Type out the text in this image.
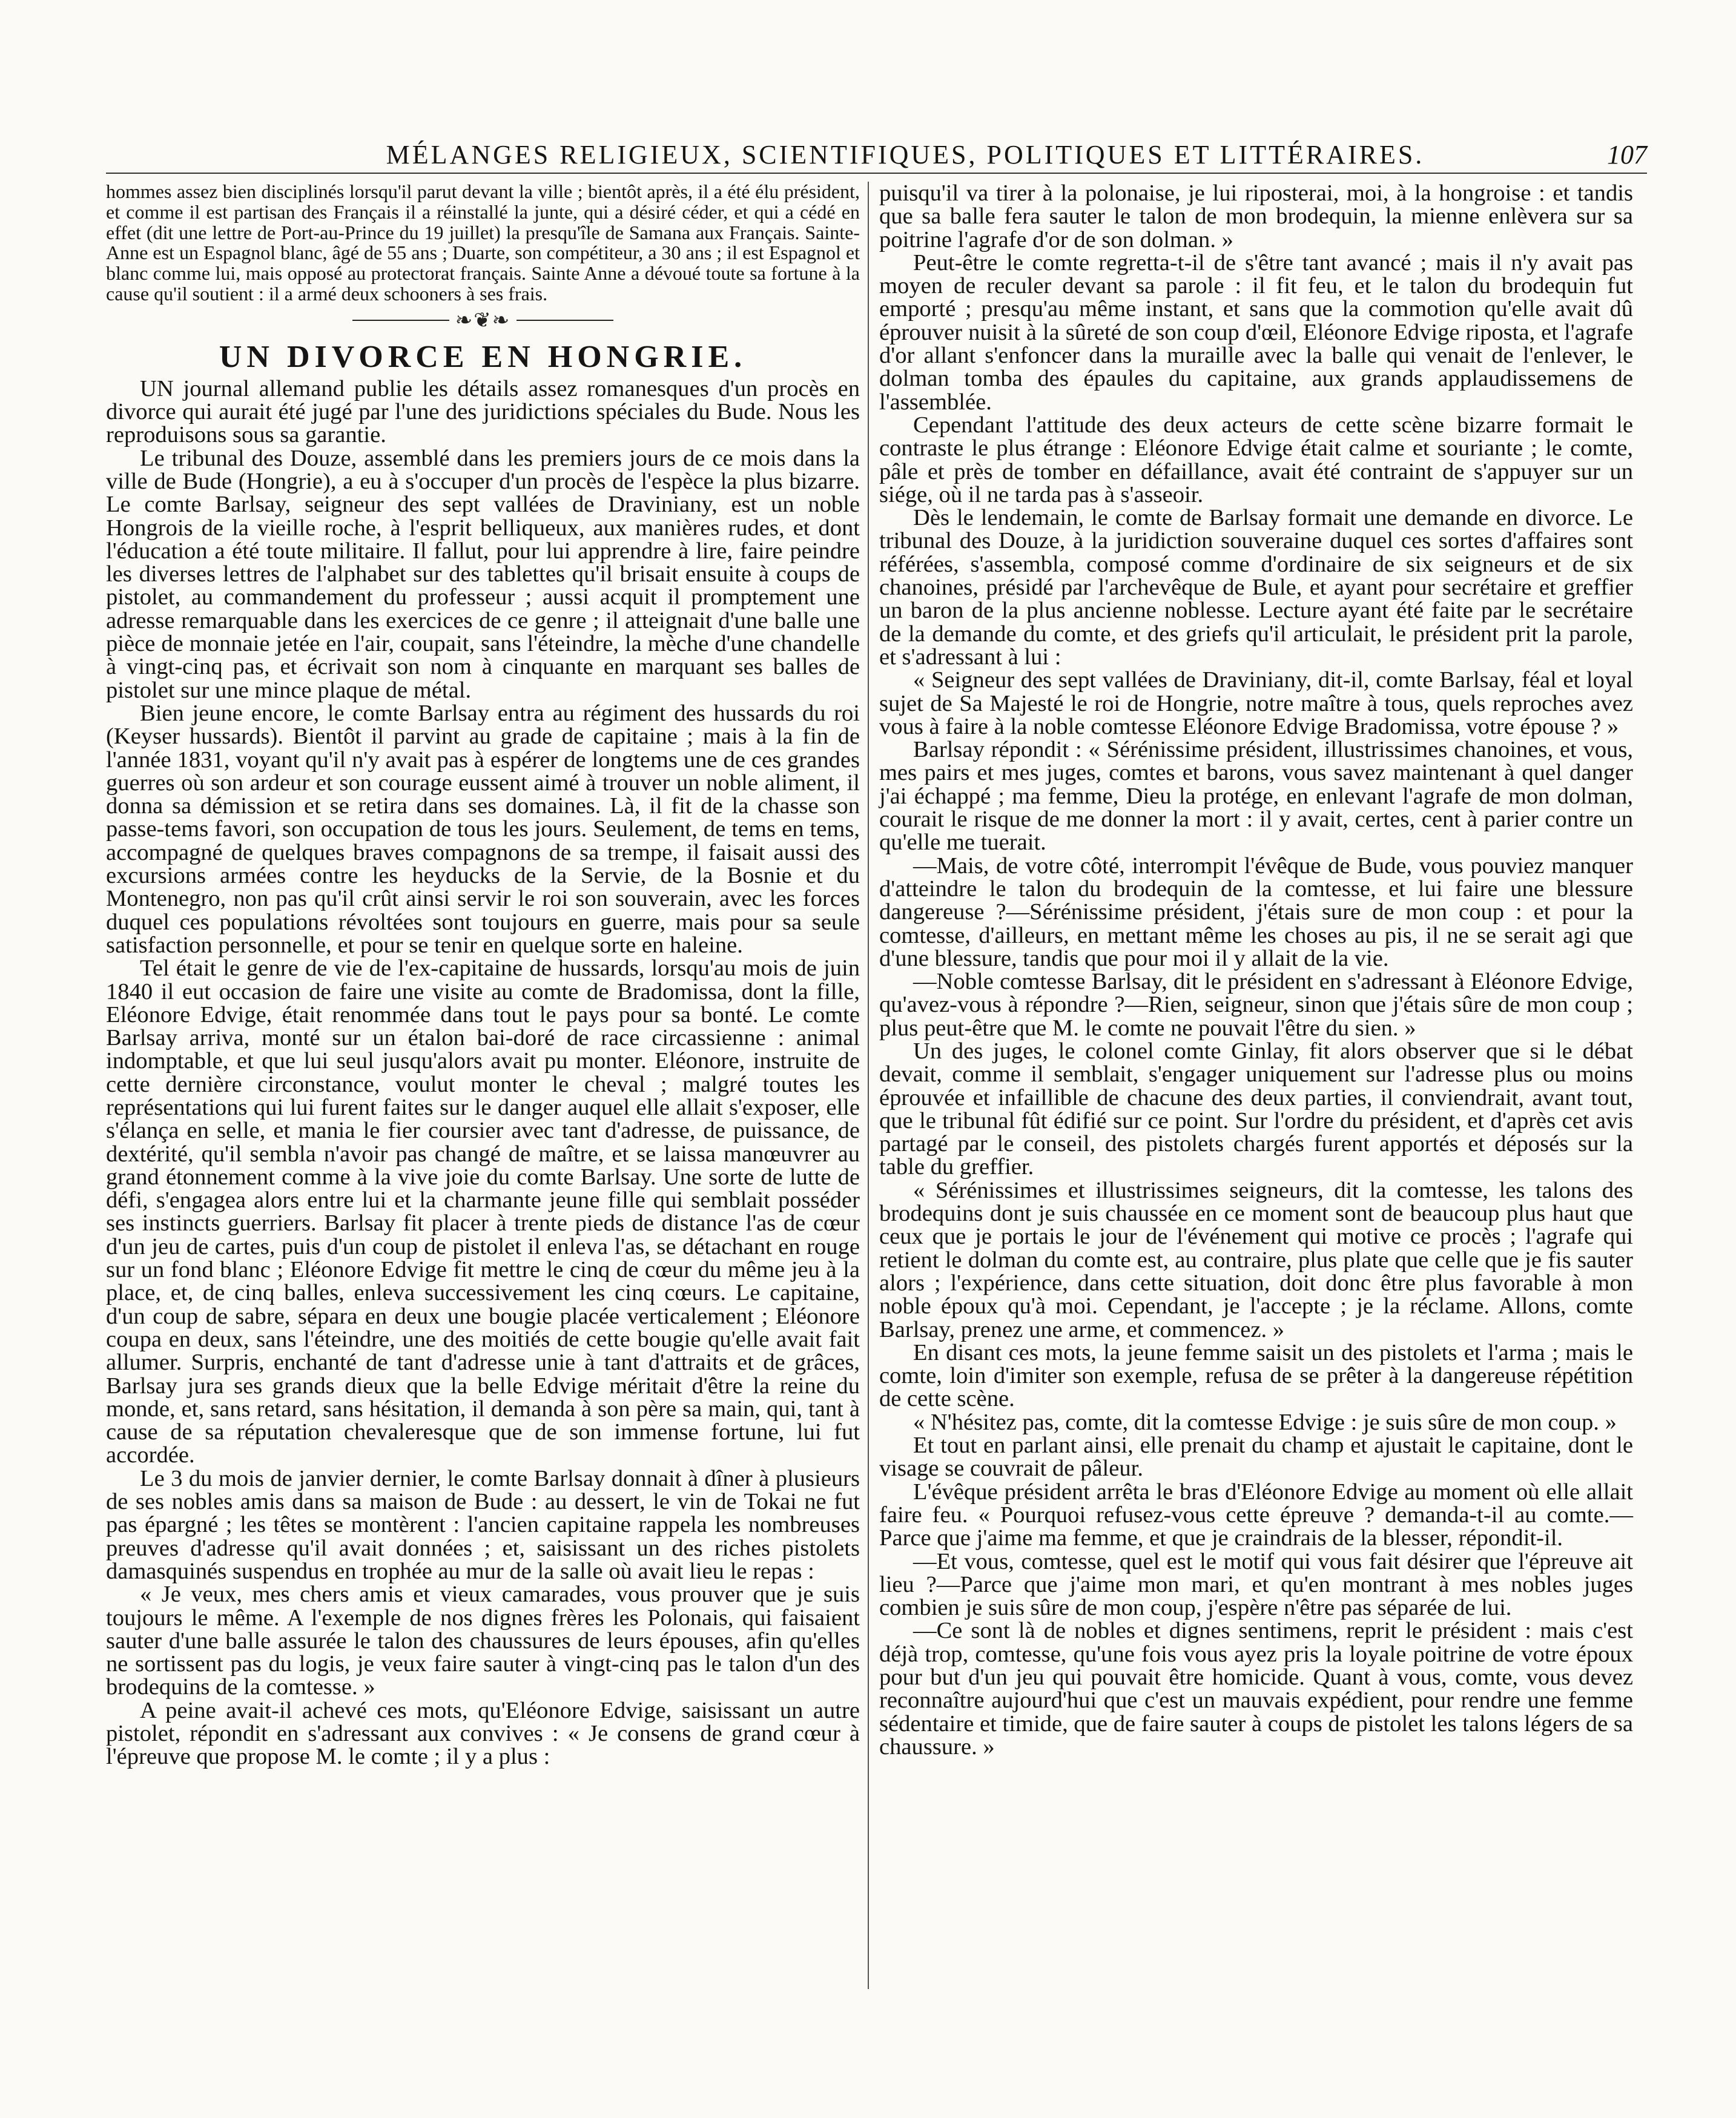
MÉLANGES RELIGIEUX, SCIENTIFIQUES, POLITIQUES ET LITTÉRAIRES.	107

hommes assez bien disciplinés lorsqu'il parut devant la ville ; bientôt après, il a été élu président, et comme il est partisan des Français il a réinstallé la junte, qui a désiré céder, et qui a cédé en effet (dit une lettre de Port-au-Prince du 19 juillet) la presqu'île de Samana aux Français. Sainte-Anne est un Espagnol blanc, âgé de 55 ans ; Duarte, son compétiteur, a 30 ans ; il est Espagnol et blanc comme lui, mais opposé au protectorat français. Sainte Anne a dévoué toute sa fortune à la cause qu'il soutient : il a armé deux schooners à ses frais.

❧❦❧
UN DIVORCE EN HONGRIE.

UN journal allemand publie les détails assez romanesques d'un procès en divorce qui aurait été jugé par l'une des juridictions spéciales du Bude. Nous les reproduisons sous sa garantie.

Le tribunal des Douze, assemblé dans les premiers jours de ce mois dans la ville de Bude (Hongrie), a eu à s'occuper d'un procès de l'espèce la plus bizarre. Le comte Barlsay, seigneur des sept vallées de Draviniany, est un noble Hongrois de la vieille roche, à l'esprit belliqueux, aux manières rudes, et dont l'éducation a été toute militaire. Il fallut, pour lui apprendre à lire, faire peindre les diverses lettres de l'alphabet sur des tablettes qu'il brisait ensuite à coups de pistolet, au commandement du professeur ; aussi acquit il promptement une adresse remarquable dans les exercices de ce genre ; il atteignait d'une balle une pièce de monnaie jetée en l'air, coupait, sans l'éteindre, la mèche d'une chandelle à vingt-cinq pas, et écrivait son nom à cinquante en marquant ses balles de pistolet sur une mince plaque de métal.

Bien jeune encore, le comte Barlsay entra au régiment des hussards du roi (Keyser hussards). Bientôt il parvint au grade de capitaine ; mais à la fin de l'année 1831, voyant qu'il n'y avait pas à espérer de longtems une de ces grandes guerres où son ardeur et son courage eussent aimé à trouver un noble aliment, il donna sa démission et se retira dans ses domaines. Là, il fit de la chasse son passe-tems favori, son occupation de tous les jours. Seulement, de tems en tems, accompagné de quelques braves compagnons de sa trempe, il faisait aussi des excursions armées contre les heyducks de la Servie, de la Bosnie et du Montenegro, non pas qu'il crût ainsi servir le roi son souverain, avec les forces duquel ces populations révoltées sont toujours en guerre, mais pour sa seule satisfaction personnelle, et pour se tenir en quelque sorte en haleine.

Tel était le genre de vie de l'ex-capitaine de hussards, lorsqu'au mois de juin 1840 il eut occasion de faire une visite au comte de Bradomissa, dont la fille, Eléonore Edvige, était renommée dans tout le pays pour sa bonté. Le comte Barlsay arriva, monté sur un étalon bai-doré de race circassienne : animal indomptable, et que lui seul jusqu'alors avait pu monter. Eléonore, instruite de cette dernière circonstance, voulut monter le cheval ; malgré toutes les représentations qui lui furent faites sur le danger auquel elle allait s'exposer, elle s'élança en selle, et mania le fier coursier avec tant d'adresse, de puissance, de dextérité, qu'il sembla n'avoir pas changé de maître, et se laissa manœuvrer au grand étonnement comme à la vive joie du comte Barlsay. Une sorte de lutte de défi, s'engagea alors entre lui et la charmante jeune fille qui semblait posséder ses instincts guerriers. Barlsay fit placer à trente pieds de distance l'as de cœur d'un jeu de cartes, puis d'un coup de pistolet il enleva l'as, se détachant en rouge sur un fond blanc ; Eléonore Edvige fit mettre le cinq de cœur du même jeu à la place, et, de cinq balles, enleva successivement les cinq cœurs. Le capitaine, d'un coup de sabre, sépara en deux une bougie placée verticalement ; Eléonore coupa en deux, sans l'éteindre, une des moitiés de cette bougie qu'elle avait fait allumer. Surpris, enchanté de tant d'adresse unie à tant d'attraits et de grâces, Barlsay jura ses grands dieux que la belle Edvige méritait d'être la reine du monde, et, sans retard, sans hésitation, il demanda à son père sa main, qui, tant à cause de sa réputation chevaleresque que de son immense fortune, lui fut accordée.

Le 3 du mois de janvier dernier, le comte Barlsay donnait à dîner à plusieurs de ses nobles amis dans sa maison de Bude : au dessert, le vin de Tokai ne fut pas épargné ; les têtes se montèrent : l'ancien capitaine rappela les nombreuses preuves d'adresse qu'il avait données ; et, saisissant un des riches pistolets damasquinés suspendus en trophée au mur de la salle où avait lieu le repas :

« Je veux, mes chers amis et vieux camarades, vous prouver que je suis toujours le même. A l'exemple de nos dignes frères les Polonais, qui faisaient sauter d'une balle assurée le talon des chaussures de leurs épouses, afin qu'elles ne sortissent pas du logis, je veux faire sauter à vingt-cinq pas le talon d'un des brodequins de la comtesse. »

A peine avait-il achevé ces mots, qu'Eléonore Edvige, saisissant un autre pistolet, répondit en s'adressant aux convives : « Je consens de grand cœur à l'épreuve que propose M. le comte ; il y a plus :

puisqu'il va tirer à la polonaise, je lui riposterai, moi, à la hongroise : et tandis que sa balle fera sauter le talon de mon brodequin, la mienne enlèvera sur sa poitrine l'agrafe d'or de son dolman. »

Peut-être le comte regretta-t-il de s'être tant avancé ; mais il n'y avait pas moyen de reculer devant sa parole : il fit feu, et le talon du brodequin fut emporté ; presqu'au même instant, et sans que la commotion qu'elle avait dû éprouver nuisit à la sûreté de son coup d'œil, Eléonore Edvige riposta, et l'agrafe d'or allant s'enfoncer dans la muraille avec la balle qui venait de l'enlever, le dolman tomba des épaules du capitaine, aux grands applaudissemens de l'assemblée.

Cependant l'attitude des deux acteurs de cette scène bizarre formait le contraste le plus étrange : Eléonore Edvige était calme et souriante ; le comte, pâle et près de tomber en défaillance, avait été contraint de s'appuyer sur un siége, où il ne tarda pas à s'asseoir.

Dès le lendemain, le comte de Barlsay formait une demande en divorce. Le tribunal des Douze, à la juridiction souveraine duquel ces sortes d'affaires sont référées, s'assembla, composé comme d'ordinaire de six seigneurs et de six chanoines, présidé par l'archevêque de Bule, et ayant pour secrétaire et greffier un baron de la plus ancienne noblesse. Lecture ayant été faite par le secrétaire de la demande du comte, et des griefs qu'il articulait, le président prit la parole, et s'adressant à lui :

« Seigneur des sept vallées de Draviniany, dit-il, comte Barlsay, féal et loyal sujet de Sa Majesté le roi de Hongrie, notre maître à tous, quels reproches avez vous à faire à la noble comtesse Eléonore Edvige Bradomissa, votre épouse ? »

Barlsay répondit : « Sérénissime président, illustrissimes chanoines, et vous, mes pairs et mes juges, comtes et barons, vous savez maintenant à quel danger j'ai échappé ; ma femme, Dieu la protége, en enlevant l'agrafe de mon dolman, courait le risque de me donner la mort : il y avait, certes, cent à parier contre un qu'elle me tuerait.

—Mais, de votre côté, interrompit l'évêque de Bude, vous pouviez manquer d'atteindre le talon du brodequin de la comtesse, et lui faire une blessure dangereuse ?—Sérénissime président, j'étais sure de mon coup : et pour la comtesse, d'ailleurs, en mettant même les choses au pis, il ne se serait agi que d'une blessure, tandis que pour moi il y allait de la vie.

—Noble comtesse Barlsay, dit le président en s'adressant à Eléonore Edvige, qu'avez-vous à répondre ?—Rien, seigneur, sinon que j'étais sûre de mon coup ; plus peut-être que M. le comte ne pouvait l'être du sien. »

Un des juges, le colonel comte Ginlay, fit alors observer que si le débat devait, comme il semblait, s'engager uniquement sur l'adresse plus ou moins éprouvée et infaillible de chacune des deux parties, il conviendrait, avant tout, que le tribunal fût édifié sur ce point. Sur l'ordre du président, et d'après cet avis partagé par le conseil, des pistolets chargés furent apportés et déposés sur la table du greffier.

« Sérénissimes et illustrissimes seigneurs, dit la comtesse, les talons des brodequins dont je suis chaussée en ce moment sont de beaucoup plus haut que ceux que je portais le jour de l'événement qui motive ce procès ; l'agrafe qui retient le dolman du comte est, au contraire, plus plate que celle que je fis sauter alors ; l'expérience, dans cette situation, doit donc être plus favorable à mon noble époux qu'à moi. Cependant, je l'accepte ; je la réclame. Allons, comte Barlsay, prenez une arme, et commencez. »

En disant ces mots, la jeune femme saisit un des pistolets et l'arma ; mais le comte, loin d'imiter son exemple, refusa de se prêter à la dangereuse répétition de cette scène.

« N'hésitez pas, comte, dit la comtesse Edvige : je suis sûre de mon coup. »

Et tout en parlant ainsi, elle prenait du champ et ajustait le capitaine, dont le visage se couvrait de pâleur.

L'évêque président arrêta le bras d'Eléonore Edvige au moment où elle allait faire feu. « Pourquoi refusez-vous cette épreuve ? demanda-t-il au comte.—Parce que j'aime ma femme, et que je craindrais de la blesser, répondit-il.

—Et vous, comtesse, quel est le motif qui vous fait désirer que l'épreuve ait lieu ?—Parce que j'aime mon mari, et qu'en montrant à mes nobles juges combien je suis sûre de mon coup, j'espère n'être pas séparée de lui.

—Ce sont là de nobles et dignes sentimens, reprit le président : mais c'est déjà trop, comtesse, qu'une fois vous ayez pris la loyale poitrine de votre époux pour but d'un jeu qui pouvait être homicide. Quant à vous, comte, vous devez reconnaître aujourd'hui que c'est un mauvais expédient, pour rendre une femme sédentaire et timide, que de faire sauter à coups de pistolet les talons légers de sa chaussure. »
